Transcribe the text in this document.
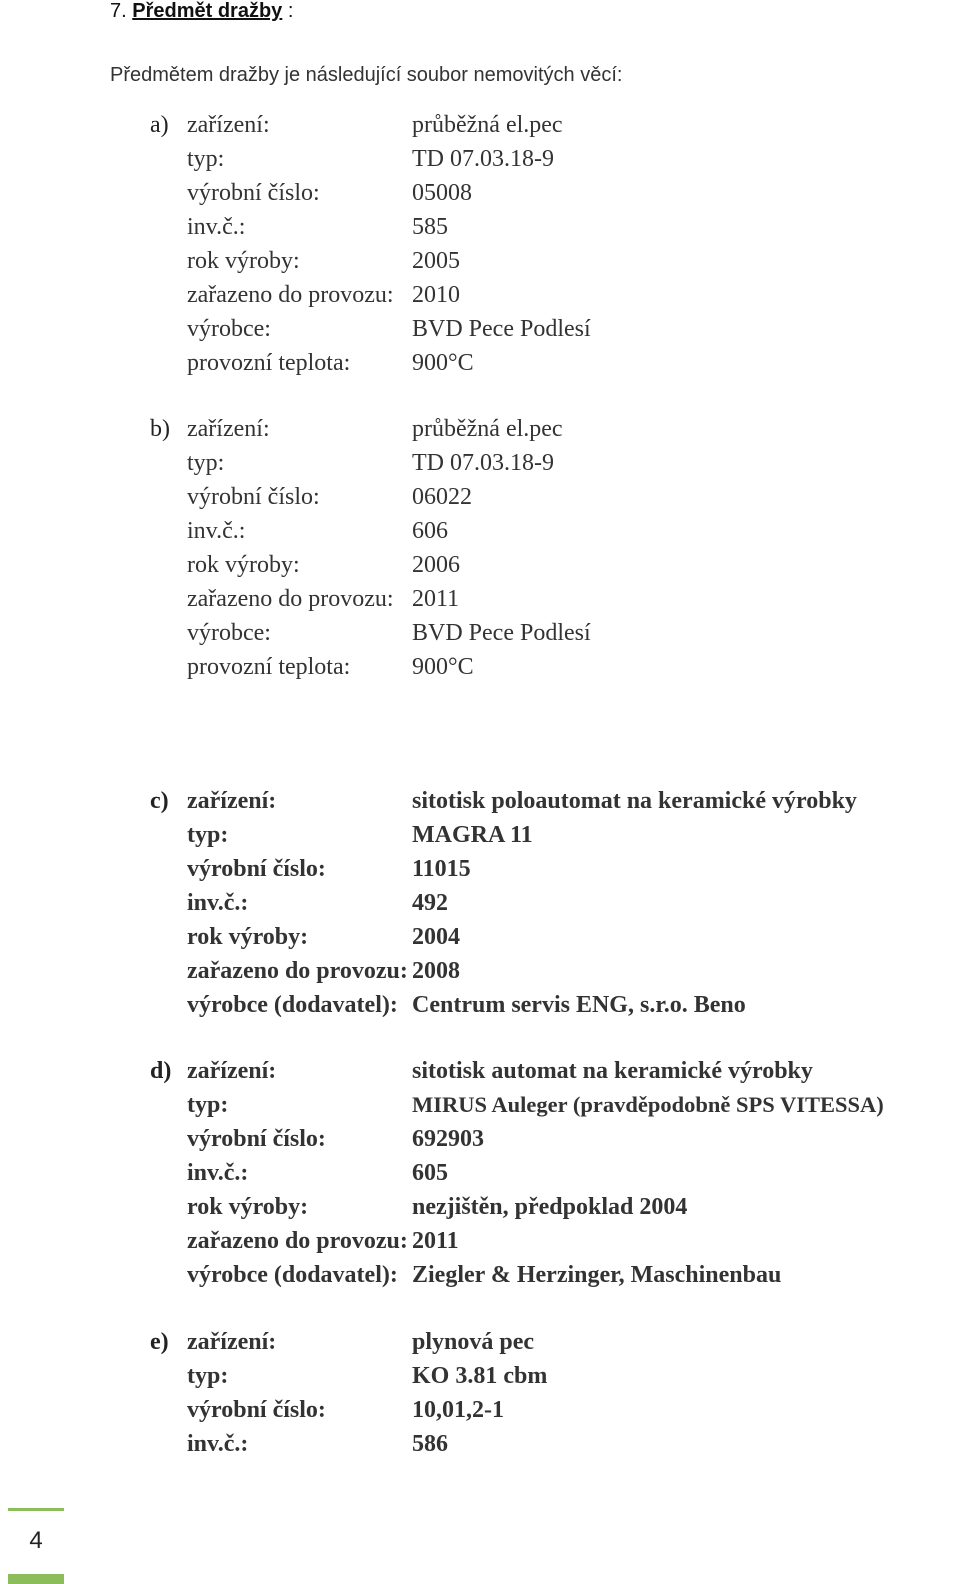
7. Předmět dražby :
Předmětem dražby je následující soubor nemovitých věcí:
a) zařízení:	průběžná el.pec
typ:	TD 07.03.18-9
výrobní číslo:	05008
inv.č.:	585
rok výroby:	2005
zařazeno do provozu: 2010
výrobce:	BVD Pece Podlesí
provozní teplota:	900°C
b) zařízení:	průběžná el.pec
typ:	TD 07.03.18-9
výrobní číslo:	06022
inv.č.:	606
rok výroby:	2006
zařazeno do provozu: 2011
výrobce:	BVD Pece Podlesí
provozní teplota:	900°C
c) zařízení:	sitotisk poloautomat na keramické výrobky
typ:	MAGRA 11
výrobní číslo:	11015
inv.č.:	492
rok výroby:	2004
zařazeno do provozu: 2008
výrobce (dodavatel): Centrum servis ENG, s.r.o. Beno
d) zařízení:	sitotisk automat na keramické výrobky
typ:	MIRUS Auleger (pravděpodobně SPS VITESSA)
výrobní číslo:	692903
inv.č.:	605
rok výroby:	nezjištěn, předpoklad 2004
zařazeno do provozu: 2011
výrobce (dodavatel): Ziegler & Herzinger, Maschinenbau
e) zařízení:	plynová pec
typ:	KO 3.81 cbm
výrobní číslo:	10,01,2-1
inv.č.:	586
4
